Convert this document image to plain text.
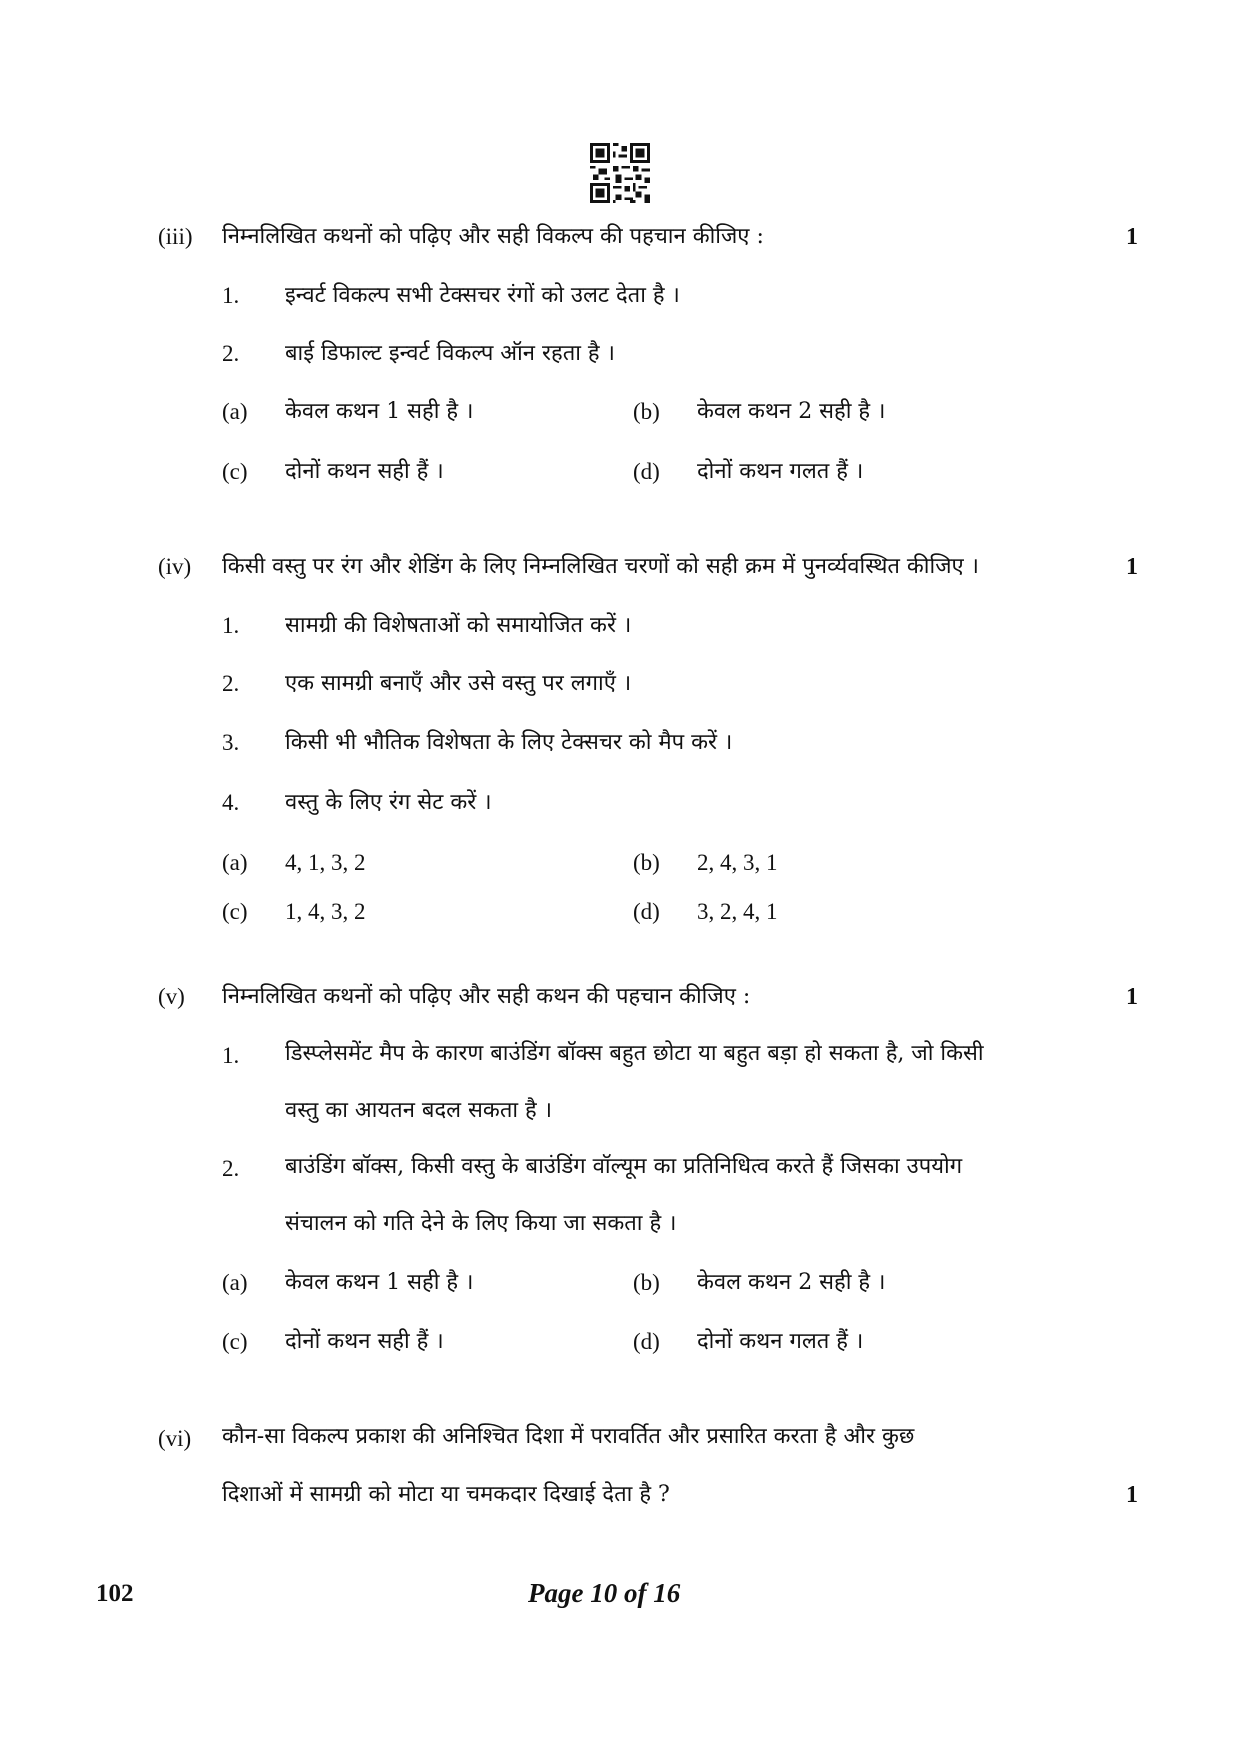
(iii) निम्नलिखित कथनों को पढ़िए और सही विकल्प की पहचान कीजिए :	1
1. इन्वर्ट विकल्प सभी टेक्सचर रंगों को उलट देता है ।
2. बाई डिफाल्ट इन्वर्ट विकल्प ऑन रहता है ।
(a) केवल कथन 1 सही है ।	(b) केवल कथन 2 सही है ।
(c) दोनों कथन सही हैं ।	(d) दोनों कथन गलत हैं ।
(iv) किसी वस्तु पर रंग और शेडिंग के लिए निम्नलिखित चरणों को सही क्रम में पुनर्व्यवस्थित कीजिए ।	1
1. सामग्री की विशेषताओं को समायोजित करें ।
2. एक सामग्री बनाएँ और उसे वस्तु पर लगाएँ ।
3. किसी भी भौतिक विशेषता के लिए टेक्सचर को मैप करें ।
4. वस्तु के लिए रंग सेट करें ।
(a) 4, 1, 3, 2	(b) 2, 4, 3, 1
(c) 1, 4, 3, 2	(d) 3, 2, 4, 1
(v) निम्नलिखित कथनों को पढ़िए और सही कथन की पहचान कीजिए :	1
1. डिस्प्लेसमेंट मैप के कारण बाउंडिंग बॉक्स बहुत छोटा या बहुत बड़ा हो सकता है, जो किसी
वस्तु का आयतन बदल सकता है ।
2. बाउंडिंग बॉक्स, किसी वस्तु के बाउंडिंग वॉल्यूम का प्रतिनिधित्व करते हैं जिसका उपयोग
संचालन को गति देने के लिए किया जा सकता है ।
(a) केवल कथन 1 सही है ।	(b) केवल कथन 2 सही है ।
(c) दोनों कथन सही हैं ।	(d) दोनों कथन गलत हैं ।
(vi) कौन-सा विकल्प प्रकाश की अनिश्चित दिशा में परावर्तित और प्रसारित करता है और कुछ
दिशाओं में सामग्री को मोटा या चमकदार दिखाई देता है ?	1
102	Page 10 of 16
